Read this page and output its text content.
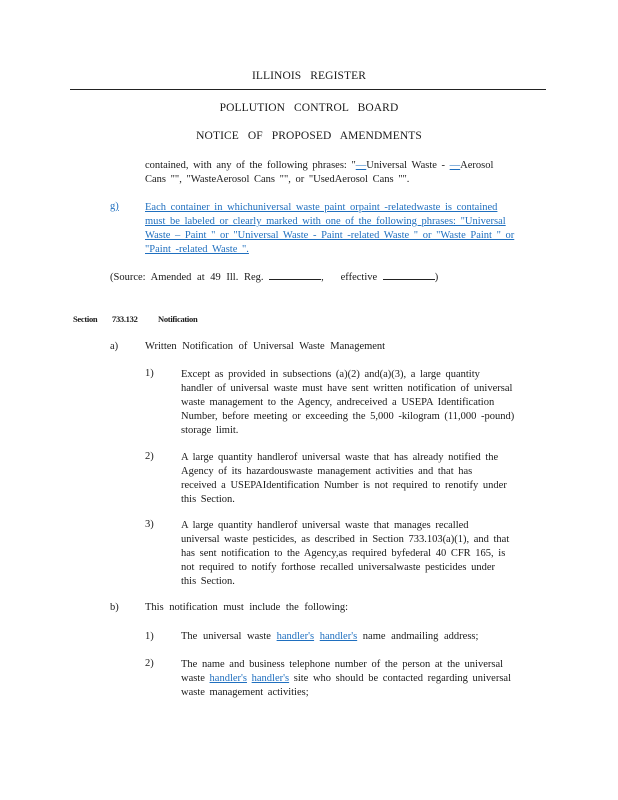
ILLINOIS REGISTER
POLLUTION CONTROL BOARD
NOTICE OF PROPOSED AMENDMENTS
contained, with any of the following phrases: "—Universal Waste - —Aerosol
Cans "", "WasteAerosol Cans "", or "UsedAerosol Cans "".
g)	Each container in whichuniversal waste paint orpaint -relatedwaste is contained
must be labeled or clearly marked with one of the following phrases: "Universal
Waste – Paint " or "Universal Waste - Paint -related Waste " or "Waste Paint " or
"Paint -related Waste ".
(Source: Amended at 49 Ill. Reg.	, effective	)
Section 733.132 Notification
a)	Written Notification of Universal Waste Management
1)	Except as provided in subsections (a)(2) and(a)(3), a large quantity
handler of universal waste must have sent written notification of universal
waste management to the Agency, andreceived a USEPA Identification
Number, before meeting or exceeding the 5,000 -kilogram (11,000 -pound)
storage limit.
2)	A large quantity handlerof universal waste that has already notified the
Agency of its hazardouswaste management activities and that has
received a USEPAIdentification Number is not required to renotify under
this Section.
3)	A large quantity handlerof universal waste that manages recalled
universal waste pesticides, as described in Section 733.103(a)(1), and that
has sent notification to the Agency,as required byfederal 40 CFR 165, is
not required to notify forthose recalled universalwaste pesticides under
this Section.
b)	This notification must include the following:
1)	The universal waste handler's handler's name andmailing address;
2)	The name and business telephone number of the person at the universal
waste handler's handler's site who should be contacted regarding universal
waste management activities;
